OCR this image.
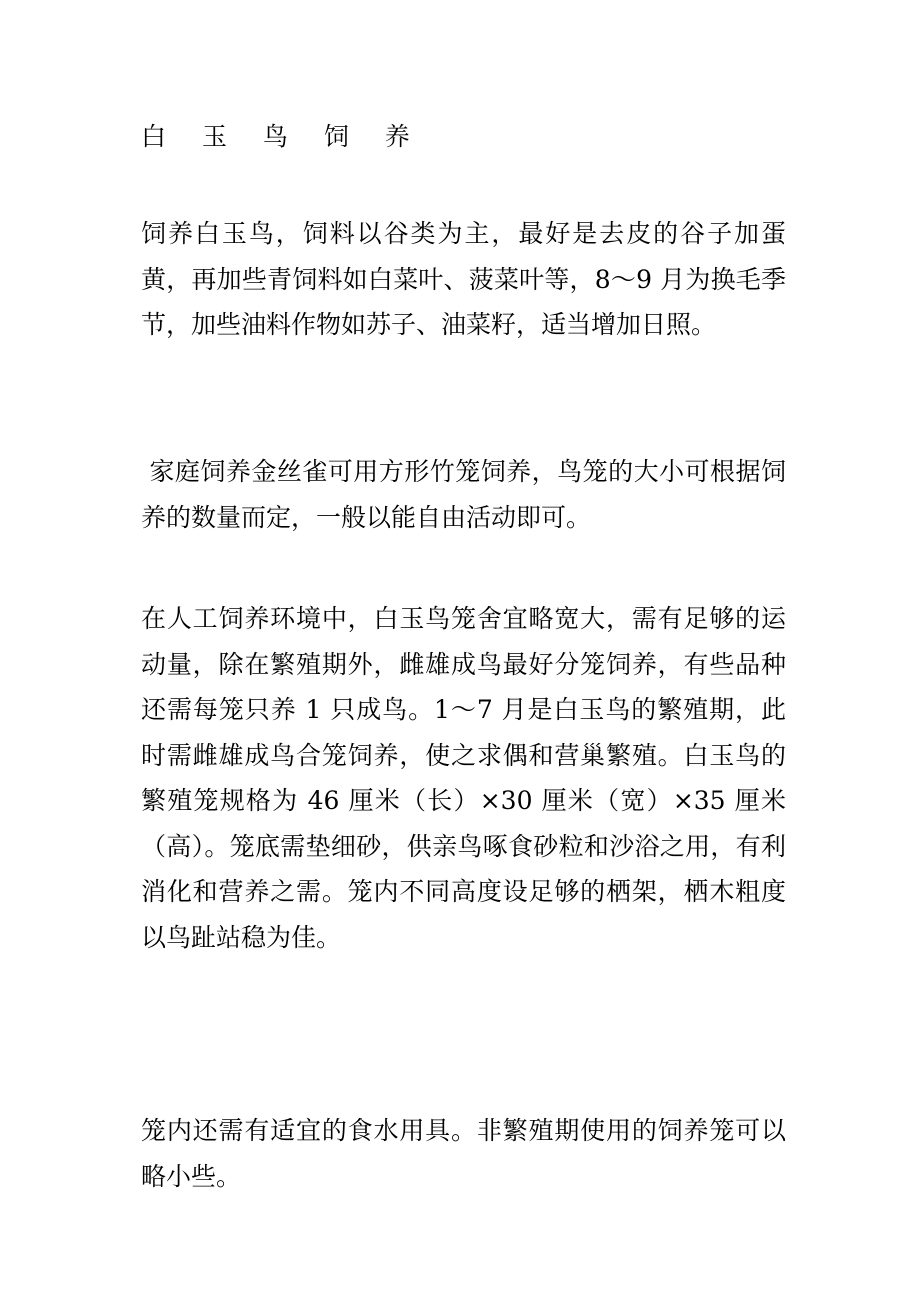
白 玉 鸟 饲 养

饲养白玉鸟，饲料以谷类为主，最好是去皮的谷子加蛋黄，再加些青饲料如白菜叶、菠菜叶等，8～9 月为换毛季节，加些油料作物如苏子、油菜籽，适当增加日照。

家庭饲养金丝雀可用方形竹笼饲养，鸟笼的大小可根据饲养的数量而定，一般以能自由活动即可。

在人工饲养环境中，白玉鸟笼舍宜略宽大，需有足够的运动量，除在繁殖期外，雌雄成鸟最好分笼饲养，有些品种还需每笼只养 1 只成鸟。1～7 月是白玉鸟的繁殖期，此时需雌雄成鸟合笼饲养，使之求偶和营巢繁殖。白玉鸟的繁殖笼规格为 46 厘米（长）×30 厘米（宽）×35 厘米（高）。笼底需垫细砂，供亲鸟啄食砂粒和沙浴之用，有利消化和营养之需。笼内不同高度设足够的栖架，栖木粗度以鸟趾站稳为佳。

笼内还需有适宜的食水用具。非繁殖期使用的饲养笼可以略小些。
